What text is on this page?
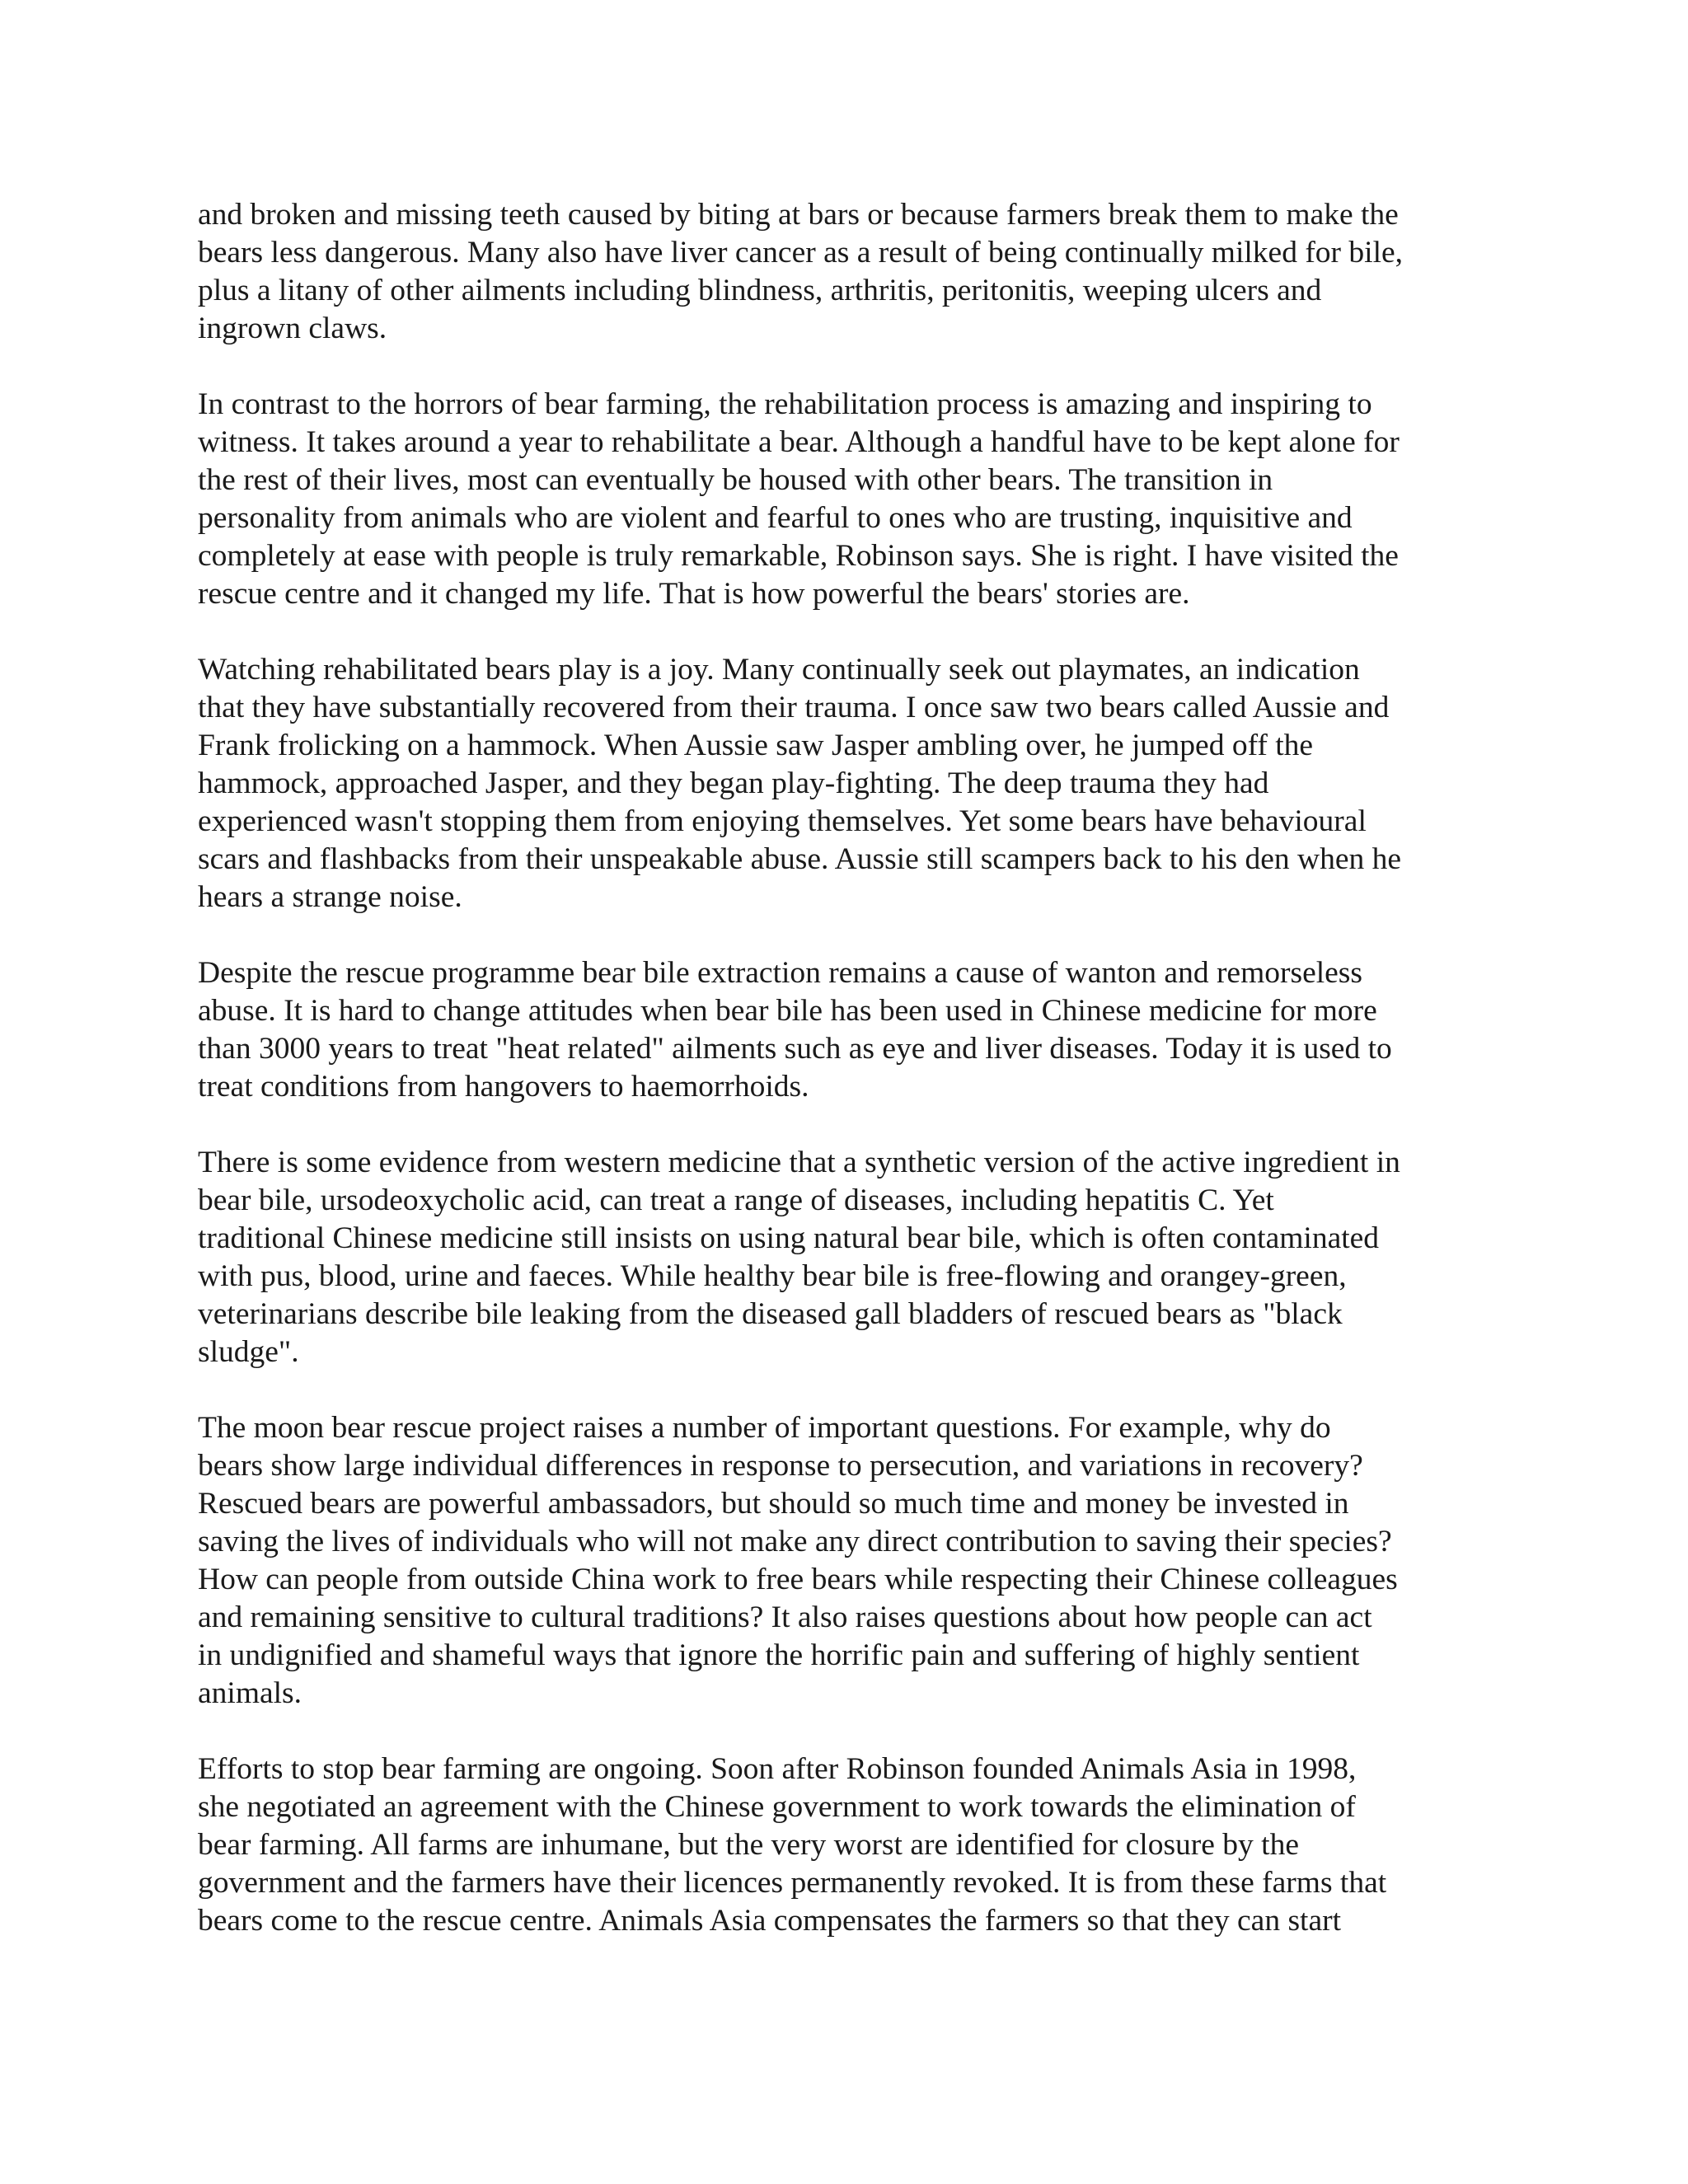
and broken and missing teeth caused by biting at bars or because farmers break them to make the
bears less dangerous. Many also have liver cancer as a result of being continually milked for bile,
plus a litany of other ailments including blindness, arthritis, peritonitis, weeping ulcers and
ingrown claws.
In contrast to the horrors of bear farming, the rehabilitation process is amazing and inspiring to
witness. It takes around a year to rehabilitate a bear. Although a handful have to be kept alone for
the rest of their lives, most can eventually be housed with other bears. The transition in
personality from animals who are violent and fearful to ones who are trusting, inquisitive and
completely at ease with people is truly remarkable, Robinson says. She is right. I have visited the
rescue centre and it changed my life. That is how powerful the bears' stories are.
Watching rehabilitated bears play is a joy. Many continually seek out playmates, an indication
that they have substantially recovered from their trauma. I once saw two bears called Aussie and
Frank frolicking on a hammock. When Aussie saw Jasper ambling over, he jumped off the
hammock, approached Jasper, and they began play-fighting. The deep trauma they had
experienced wasn't stopping them from enjoying themselves. Yet some bears have behavioural
scars and flashbacks from their unspeakable abuse. Aussie still scampers back to his den when he
hears a strange noise.
Despite the rescue programme bear bile extraction remains a cause of wanton and remorseless
abuse. It is hard to change attitudes when bear bile has been used in Chinese medicine for more
than 3000 years to treat "heat related" ailments such as eye and liver diseases. Today it is used to
treat conditions from hangovers to haemorrhoids.
There is some evidence from western medicine that a synthetic version of the active ingredient in
bear bile, ursodeoxycholic acid, can treat a range of diseases, including hepatitis C. Yet
traditional Chinese medicine still insists on using natural bear bile, which is often contaminated
with pus, blood, urine and faeces. While healthy bear bile is free-flowing and orangey-green,
veterinarians describe bile leaking from the diseased gall bladders of rescued bears as "black
sludge".
The moon bear rescue project raises a number of important questions. For example, why do
bears show large individual differences in response to persecution, and variations in recovery?
Rescued bears are powerful ambassadors, but should so much time and money be invested in
saving the lives of individuals who will not make any direct contribution to saving their species?
How can people from outside China work to free bears while respecting their Chinese colleagues
and remaining sensitive to cultural traditions? It also raises questions about how people can act
in undignified and shameful ways that ignore the horrific pain and suffering of highly sentient
animals.
Efforts to stop bear farming are ongoing. Soon after Robinson founded Animals Asia in 1998,
she negotiated an agreement with the Chinese government to work towards the elimination of
bear farming. All farms are inhumane, but the very worst are identified for closure by the
government and the farmers have their licences permanently revoked. It is from these farms that
bears come to the rescue centre. Animals Asia compensates the farmers so that they can start
